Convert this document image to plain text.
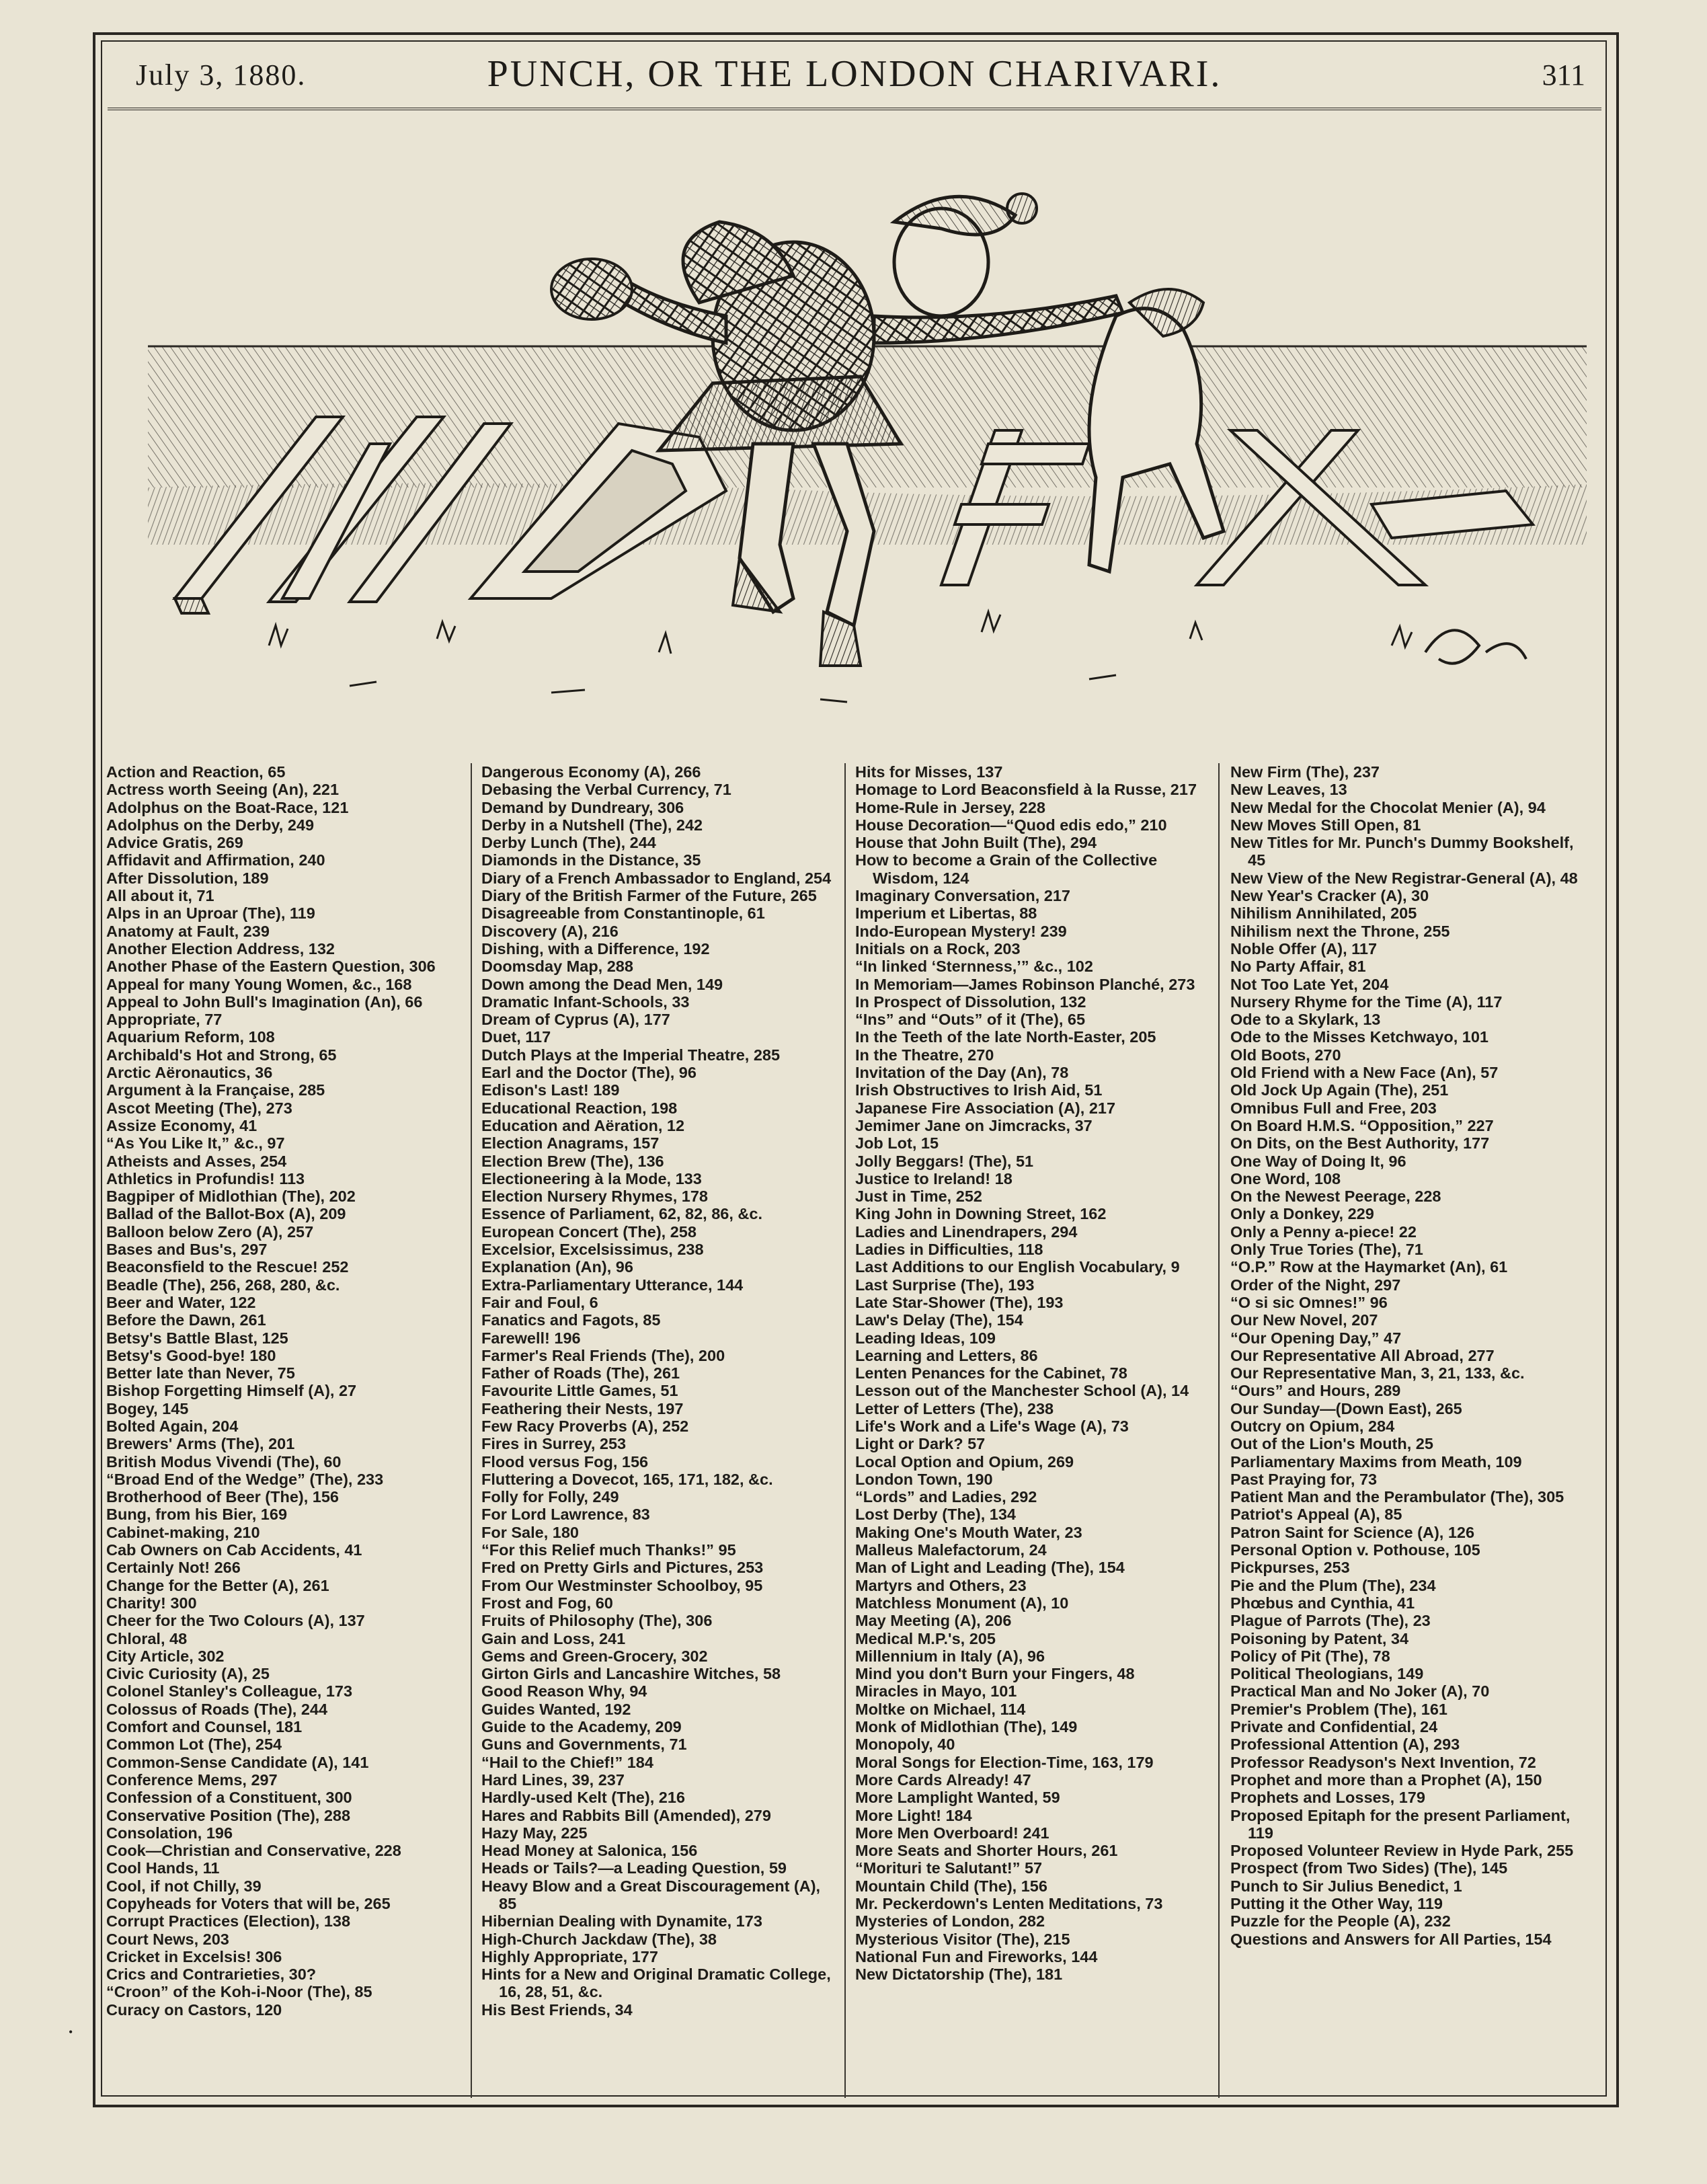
July 3, 1880.	PUNCH, OR THE LONDON CHARIVARI.	311
Action and Reaction, 65
Actress worth Seeing (An), 221
Adolphus on the Boat-Race, 121
Adolphus on the Derby, 249
Advice Gratis, 269
Affidavit and Affirmation, 240
After Dissolution, 189
All about it, 71
Alps in an Uproar (The), 119
Anatomy at Fault, 239
Another Election Address, 132
Another Phase of the Eastern Question, 306
Appeal for many Young Women, &c., 168
Appeal to John Bull's Imagination (An), 66
Appropriate, 77
Aquarium Reform, 108
Archibald's Hot and Strong, 65
Arctic Aëronautics, 36
Argument à la Française, 285
Ascot Meeting (The), 273
Assize Economy, 41
“As You Like It,” &c., 97
Atheists and Asses, 254
Athletics in Profundis! 113
Bagpiper of Midlothian (The), 202
Ballad of the Ballot-Box (A), 209
Balloon below Zero (A), 257
Bases and Bus's, 297
Beaconsfield to the Rescue! 252
Beadle (The), 256, 268, 280, &c.
Beer and Water, 122
Before the Dawn, 261
Betsy's Battle Blast, 125
Betsy's Good-bye! 180
Better late than Never, 75
Bishop Forgetting Himself (A), 27
Bogey, 145
Bolted Again, 204
Brewers' Arms (The), 201
British Modus Vivendi (The), 60
“Broad End of the Wedge” (The), 233
Brotherhood of Beer (The), 156
Bung, from his Bier, 169
Cabinet-making, 210
Cab Owners on Cab Accidents, 41
Certainly Not! 266
Change for the Better (A), 261
Charity! 300
Cheer for the Two Colours (A), 137
Chloral, 48
City Article, 302
Civic Curiosity (A), 25
Colonel Stanley's Colleague, 173
Colossus of Roads (The), 244
Comfort and Counsel, 181
Common Lot (The), 254
Common-Sense Candidate (A), 141
Conference Mems, 297
Confession of a Constituent, 300
Conservative Position (The), 288
Consolation, 196
Cook—Christian and Conservative, 228
Cool Hands, 11
Cool, if not Chilly, 39
Copyheads for Voters that will be, 265
Corrupt Practices (Election), 138
Court News, 203
Cricket in Excelsis! 306
Crics and Contrarieties, 30?
“Croon” of the Koh-i-Noor (The), 85
Curacy on Castors, 120
Dangerous Economy (A), 266
Debasing the Verbal Currency, 71
Demand by Dundreary, 306
Derby in a Nutshell (The), 242
Derby Lunch (The), 244
Diamonds in the Distance, 35
Diary of a French Ambassador to England, 254
Diary of the British Farmer of the Future, 265
Disagreeable from Constantinople, 61
Discovery (A), 216
Dishing, with a Difference, 192
Doomsday Map, 288
Down among the Dead Men, 149
Dramatic Infant-Schools, 33
Dream of Cyprus (A), 177
Duet, 117
Dutch Plays at the Imperial Theatre, 285
Earl and the Doctor (The), 96
Edison's Last! 189
Educational Reaction, 198
Education and Aëration, 12
Election Anagrams, 157
Election Brew (The), 136
Electioneering à la Mode, 133
Election Nursery Rhymes, 178
Essence of Parliament, 62, 82, 86, &c.
European Concert (The), 258
Excelsior, Excelsissimus, 238
Explanation (An), 96
Extra-Parliamentary Utterance, 144
Fair and Foul, 6
Fanatics and Fagots, 85
Farewell! 196
Farmer's Real Friends (The), 200
Father of Roads (The), 261
Favourite Little Games, 51
Feathering their Nests, 197
Few Racy Proverbs (A), 252
Fires in Surrey, 253
Flood versus Fog, 156
Fluttering a Dovecot, 165, 171, 182, &c.
Folly for Folly, 249
For Lord Lawrence, 83
For Sale, 180
“For this Relief much Thanks!” 95
Fred on Pretty Girls and Pictures, 253
From Our Westminster Schoolboy, 95
Frost and Fog, 60
Fruits of Philosophy (The), 306
Gain and Loss, 241
Gems and Green-Grocery, 302
Girton Girls and Lancashire Witches, 58
Good Reason Why, 94
Guides Wanted, 192
Guide to the Academy, 209
Guns and Governments, 71
“Hail to the Chief!” 184
Hard Lines, 39, 237
Hardly-used Kelt (The), 216
Hares and Rabbits Bill (Amended), 279
Hazy May, 225
Head Money at Salonica, 156
Heads or Tails?—a Leading Question, 59
Heavy Blow and a Great Discouragement (A), 85
Hibernian Dealing with Dynamite, 173
High-Church Jackdaw (The), 38
Highly Appropriate, 177
Hints for a New and Original Dramatic College, 16, 28, 51, &c.
His Best Friends, 34
Hits for Misses, 137
Homage to Lord Beaconsfield à la Russe, 217
Home-Rule in Jersey, 228
House Decoration—“Quod edis edo,” 210
House that John Built (The), 294
How to become a Grain of the Collective Wisdom, 124
Imaginary Conversation, 217
Imperium et Libertas, 88
Indo-European Mystery! 239
Initials on a Rock, 203
“In linked ‘Sternness,’” &c., 102
In Memoriam—James Robinson Planché, 273
In Prospect of Dissolution, 132
“Ins” and “Outs” of it (The), 65
In the Teeth of the late North-Easter, 205
In the Theatre, 270
Invitation of the Day (An), 78
Irish Obstructives to Irish Aid, 51
Japanese Fire Association (A), 217
Jemimer Jane on Jimcracks, 37
Job Lot, 15
Jolly Beggars! (The), 51
Justice to Ireland! 18
Just in Time, 252
King John in Downing Street, 162
Ladies and Linendrapers, 294
Ladies in Difficulties, 118
Last Additions to our English Vocabulary, 9
Last Surprise (The), 193
Late Star-Shower (The), 193
Law's Delay (The), 154
Leading Ideas, 109
Learning and Letters, 86
Lenten Penances for the Cabinet, 78
Lesson out of the Manchester School (A), 14
Letter of Letters (The), 238
Life's Work and a Life's Wage (A), 73
Light or Dark? 57
Local Option and Opium, 269
London Town, 190
“Lords” and Ladies, 292
Lost Derby (The), 134
Making One's Mouth Water, 23
Malleus Malefactorum, 24
Man of Light and Leading (The), 154
Martyrs and Others, 23
Matchless Monument (A), 10
May Meeting (A), 206
Medical M.P.'s, 205
Millennium in Italy (A), 96
Mind you don't Burn your Fingers, 48
Miracles in Mayo, 101
Moltke on Michael, 114
Monk of Midlothian (The), 149
Monopoly, 40
Moral Songs for Election-Time, 163, 179
More Cards Already! 47
More Lamplight Wanted, 59
More Light! 184
More Men Overboard! 241
More Seats and Shorter Hours, 261
“Morituri te Salutant!” 57
Mountain Child (The), 156
Mr. Peckerdown's Lenten Meditations, 73
Mysteries of London, 282
Mysterious Visitor (The), 215
National Fun and Fireworks, 144
New Dictatorship (The), 181
New Firm (The), 237
New Leaves, 13
New Medal for the Chocolat Menier (A), 94
New Moves Still Open, 81
New Titles for Mr. Punch's Dummy Bookshelf, 45
New View of the New Registrar-General (A), 48
New Year's Cracker (A), 30
Nihilism Annihilated, 205
Nihilism next the Throne, 255
Noble Offer (A), 117
No Party Affair, 81
Not Too Late Yet, 204
Nursery Rhyme for the Time (A), 117
Ode to a Skylark, 13
Ode to the Misses Ketchwayo, 101
Old Boots, 270
Old Friend with a New Face (An), 57
Old Jock Up Again (The), 251
Omnibus Full and Free, 203
On Board H.M.S. “Opposition,” 227
On Dits, on the Best Authority, 177
One Way of Doing It, 96
One Word, 108
On the Newest Peerage, 228
Only a Donkey, 229
Only a Penny a-piece! 22
Only True Tories (The), 71
“O.P.” Row at the Haymarket (An), 61
Order of the Night, 297
“O si sic Omnes!” 96
Our New Novel, 207
“Our Opening Day,” 47
Our Representative All Abroad, 277
Our Representative Man, 3, 21, 133, &c.
“Ours” and Hours, 289
Our Sunday—(Down East), 265
Outcry on Opium, 284
Out of the Lion's Mouth, 25
Parliamentary Maxims from Meath, 109
Past Praying for, 73
Patient Man and the Perambulator (The), 305
Patriot's Appeal (A), 85
Patron Saint for Science (A), 126
Personal Option v. Pothouse, 105
Pickpurses, 253
Pie and the Plum (The), 234
Phœbus and Cynthia, 41
Plague of Parrots (The), 23
Poisoning by Patent, 34
Policy of Pit (The), 78
Political Theologians, 149
Practical Man and No Joker (A), 70
Premier's Problem (The), 161
Private and Confidential, 24
Professional Attention (A), 293
Professor Readyson's Next Invention, 72
Prophet and more than a Prophet (A), 150
Prophets and Losses, 179
Proposed Epitaph for the present Parliament, 119
Proposed Volunteer Review in Hyde Park, 255
Prospect (from Two Sides) (The), 145
Punch to Sir Julius Benedict, 1
Putting it the Other Way, 119
Puzzle for the People (A), 232
Questions and Answers for All Parties, 154
•
